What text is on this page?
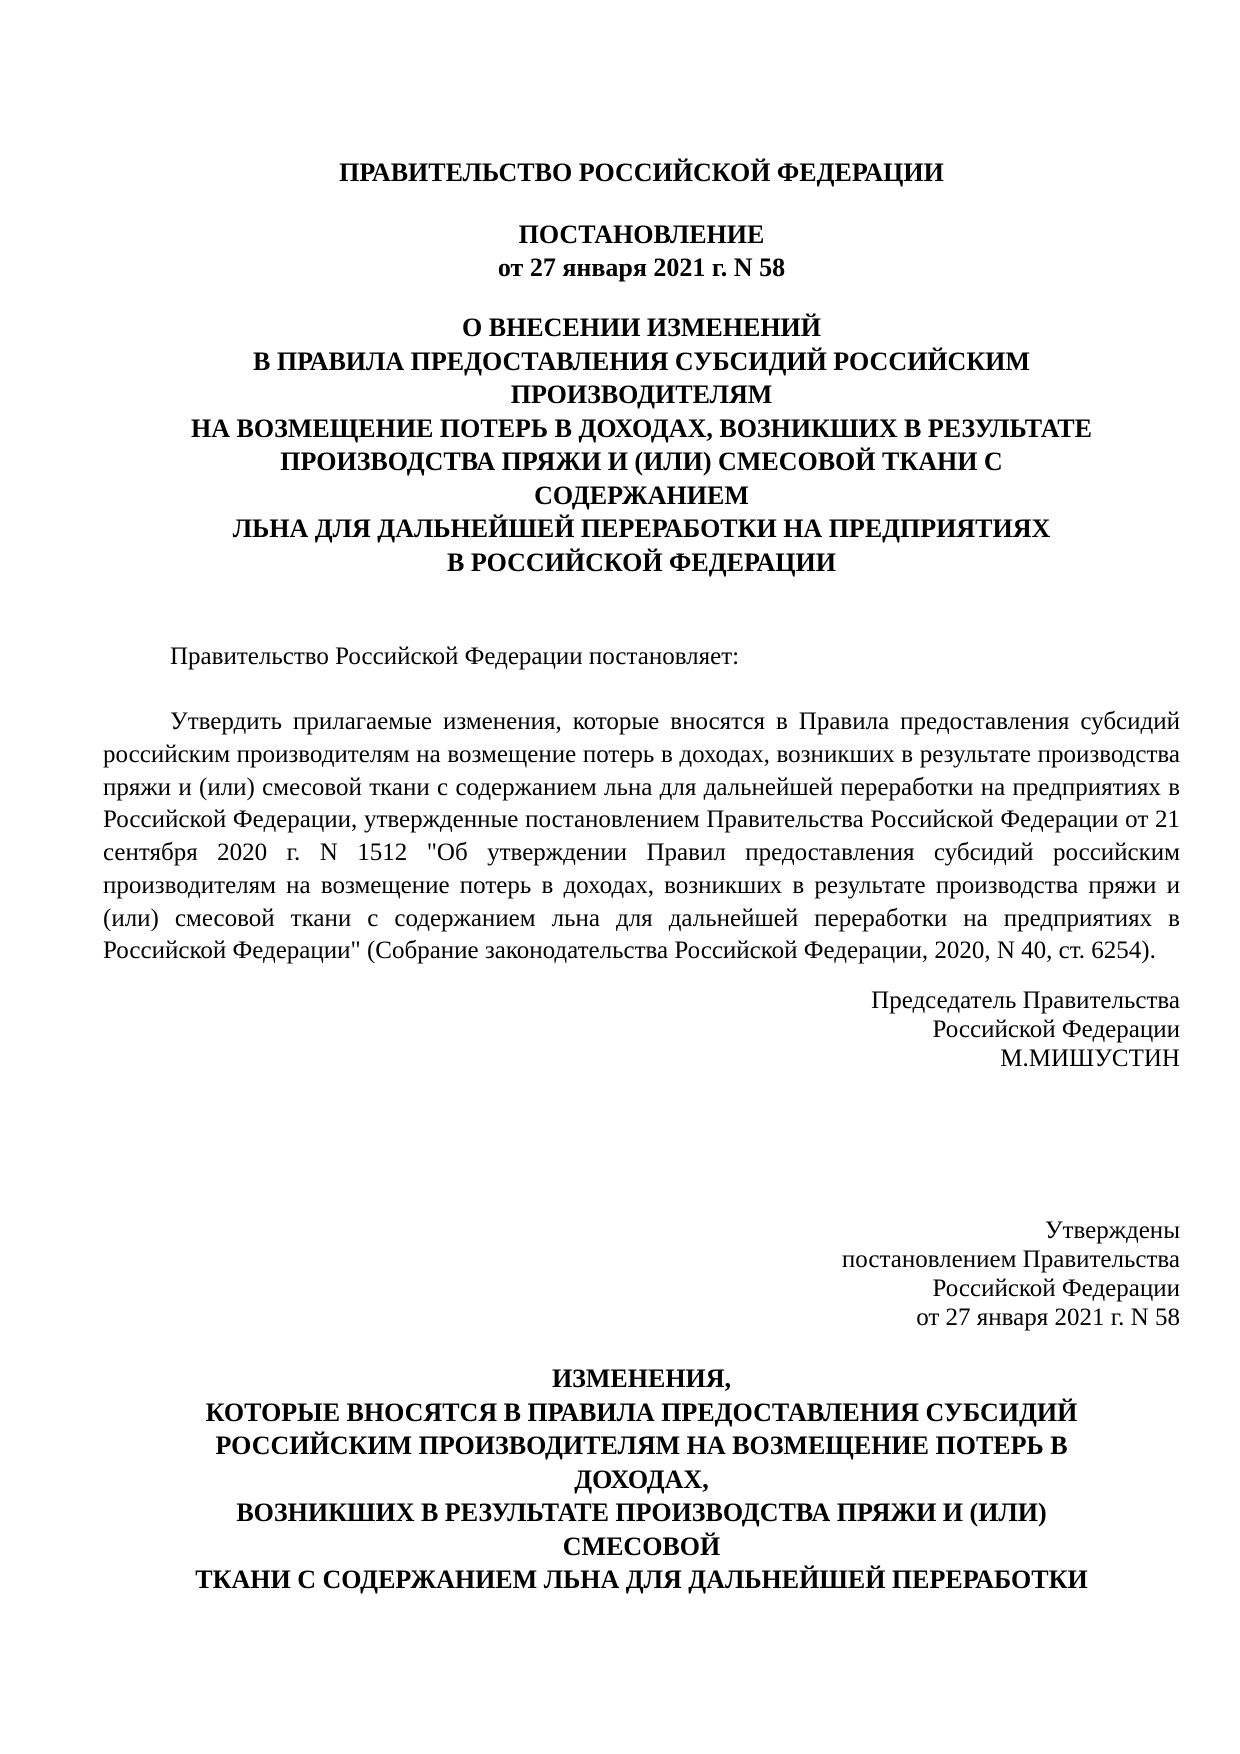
ПРАВИТЕЛЬСТВО РОССИЙСКОЙ ФЕДЕРАЦИИ
ПОСТАНОВЛЕНИЕ
от 27 января 2021 г. N 58
О ВНЕСЕНИИ ИЗМЕНЕНИЙ
В ПРАВИЛА ПРЕДОСТАВЛЕНИЯ СУБСИДИЙ РОССИЙСКИМ
ПРОИЗВОДИТЕЛЯМ
НА ВОЗМЕЩЕНИЕ ПОТЕРЬ В ДОХОДАХ, ВОЗНИКШИХ В РЕЗУЛЬТАТЕ
ПРОИЗВОДСТВА ПРЯЖИ И (ИЛИ) СМЕСОВОЙ ТКАНИ С
СОДЕРЖАНИЕМ
ЛЬНА ДЛЯ ДАЛЬНЕЙШЕЙ ПЕРЕРАБОТКИ НА ПРЕДПРИЯТИЯХ
В РОССИЙСКОЙ ФЕДЕРАЦИИ
Правительство Российской Федерации постановляет:
Утвердить прилагаемые изменения, которые вносятся в Правила предоставления субсидий российским производителям на возмещение потерь в доходах, возникших в результате производства пряжи и (или) смесовой ткани с содержанием льна для дальнейшей переработки на предприятиях в Российской Федерации, утвержденные постановлением Правительства Российской Федерации от 21 сентября 2020 г. N 1512 "Об утверждении Правил предоставления субсидий российским производителям на возмещение потерь в доходах, возникших в результате производства пряжи и (или) смесовой ткани с содержанием льна для дальнейшей переработки на предприятиях в Российской Федерации" (Собрание законодательства Российской Федерации, 2020, N 40, ст. 6254).
Председатель Правительства
Российской Федерации
М.МИШУСТИН
Утверждены
постановлением Правительства
Российской Федерации
от 27 января 2021 г. N 58
ИЗМЕНЕНИЯ,
КОТОРЫЕ ВНОСЯТСЯ В ПРАВИЛА ПРЕДОСТАВЛЕНИЯ СУБСИДИЙ
РОССИЙСКИМ ПРОИЗВОДИТЕЛЯМ НА ВОЗМЕЩЕНИЕ ПОТЕРЬ В
ДОХОДАХ,
ВОЗНИКШИХ В РЕЗУЛЬТАТЕ ПРОИЗВОДСТВА ПРЯЖИ И (ИЛИ)
СМЕСОВОЙ
ТКАНИ С СОДЕРЖАНИЕМ ЛЬНА ДЛЯ ДАЛЬНЕЙШЕЙ ПЕРЕРАБОТКИ
